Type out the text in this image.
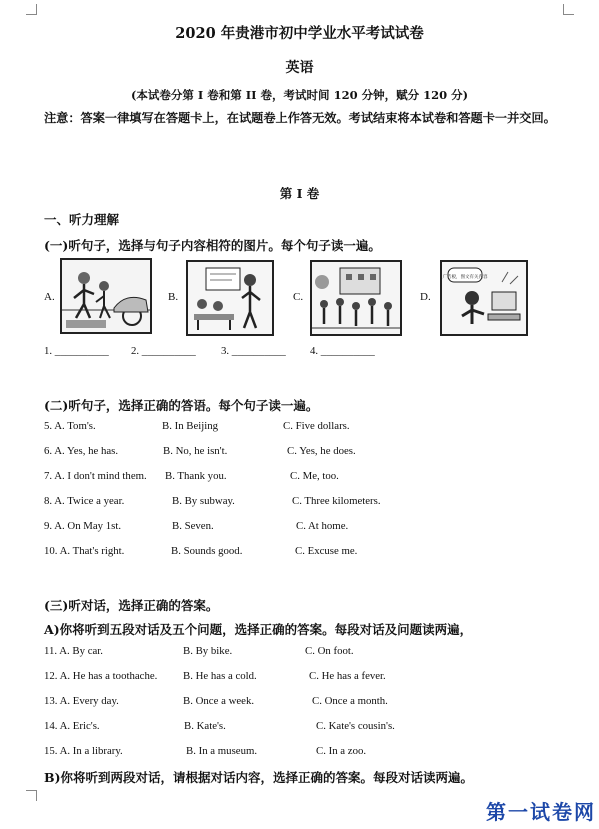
2020 年贵港市初中学业水平考试试卷
英语
(本试卷分第 I 卷和第 II 卷，考试时间 120 分钟，赋分 120 分)
注意：答案一律填写在答题卡上，在试题卷上作答无效。考试结束将本试卷和答题卡一并交回。
第 I 卷
一、听力理解
(一)听句子，选择与句子内容相符的图片。每个句子读一遍。
A.	B.	C.	D.
广告板，图文有关内容
1. __________ 2. __________ 3. __________ 4. __________
(二)听句子，选择正确的答语。每个句子读一遍。
5. A. Tom's.	B. In Beijing	C. Five dollars.
6. A. Yes, he has.	B. No, he isn't.	C. Yes, he does.
7. A. I don't mind them. B. Thank you.	C. Me, too.
8. A. Twice a year.	B. By subway.	C. Three kilometers.
9. A. On May 1st.	B. Seven.	C. At home.
10. A. That's right.	B. Sounds good.	C. Excuse me.
(三)听对话，选择正确的答案。
A)你将听到五段对话及五个问题，选择正确的答案。每段对话及问题读两遍，
11. A. By car.	B. By bike.	C. On foot.
12. A. He has a toothache. B. He has a cold.	C. He has a fever.
13. A. Every day.	B. Once a week.	C. Once a month.
14. A. Eric's.	B. Kate's.	C. Kate's cousin's.
15. A. In a library.	B. In a museum.	C. In a zoo.
B)你将听到两段对话，请根据对话内容，选择正确的答案。每段对话读两遍。
第一试卷网
